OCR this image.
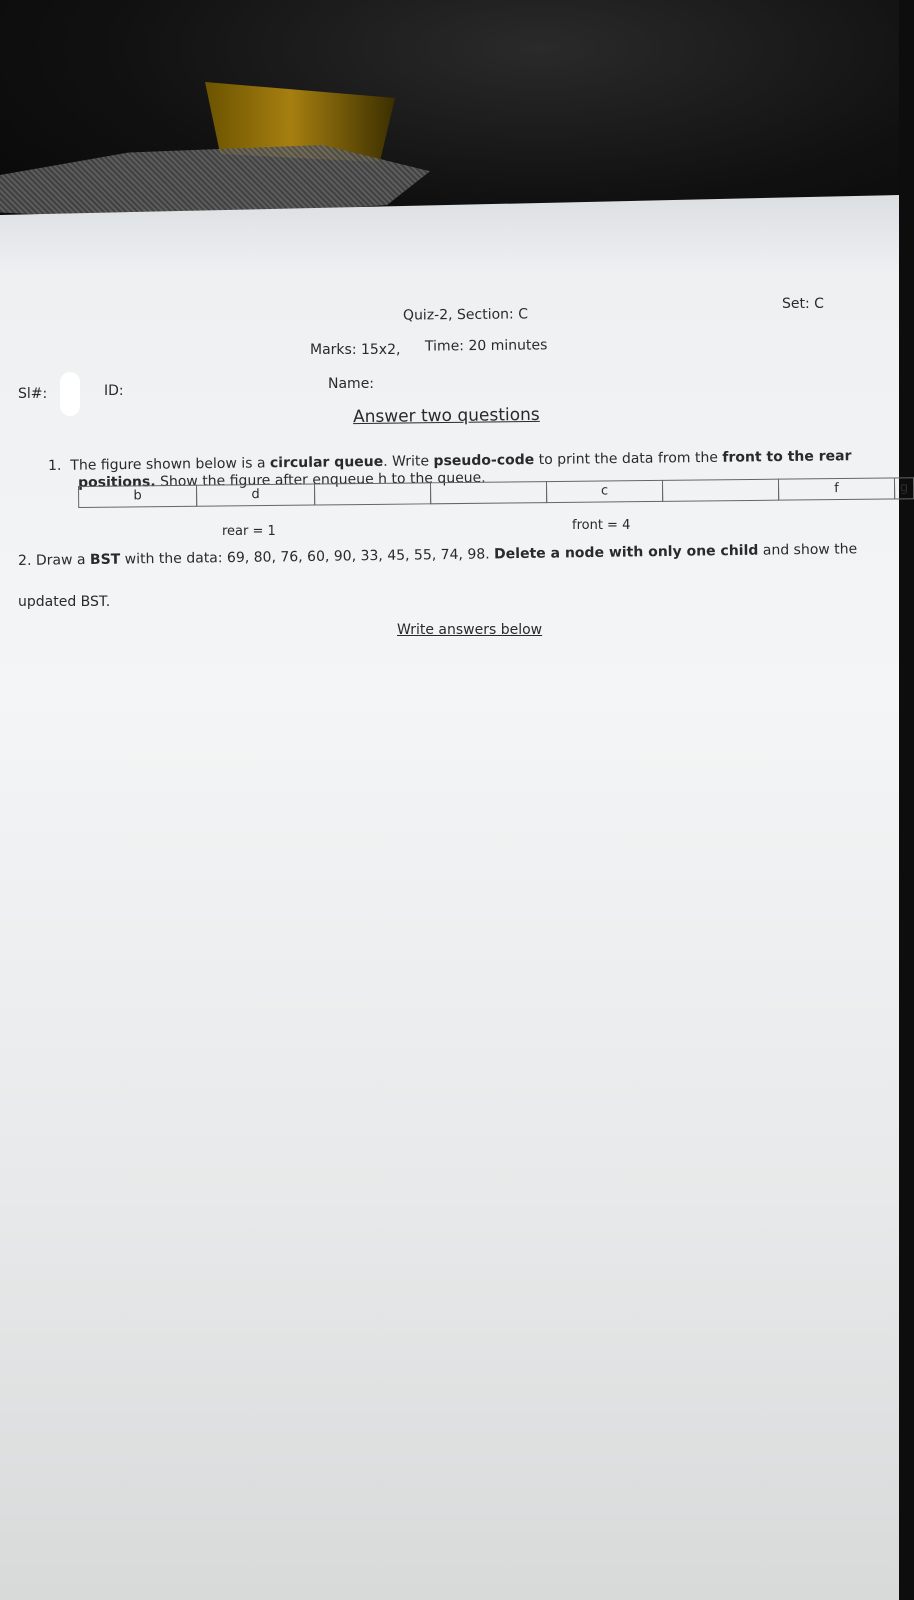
Quiz-2, Section: C
Set: C
Marks: 15x2, Time: 20 minutes
Sl#:	ID:	Name:
Answer two questions
1. The figure shown below is a circular queue. Write pseudo-code to print the data from the front to the rear
positions. Show the figure after enqueue h to the queue.
b	d	c	f	g
rear = 1	front = 4
2. Draw a BST with the data: 69, 80, 76, 60, 90, 33, 45, 55, 74, 98. Delete a node with only one child and show the
updated BST.
Write answers below
